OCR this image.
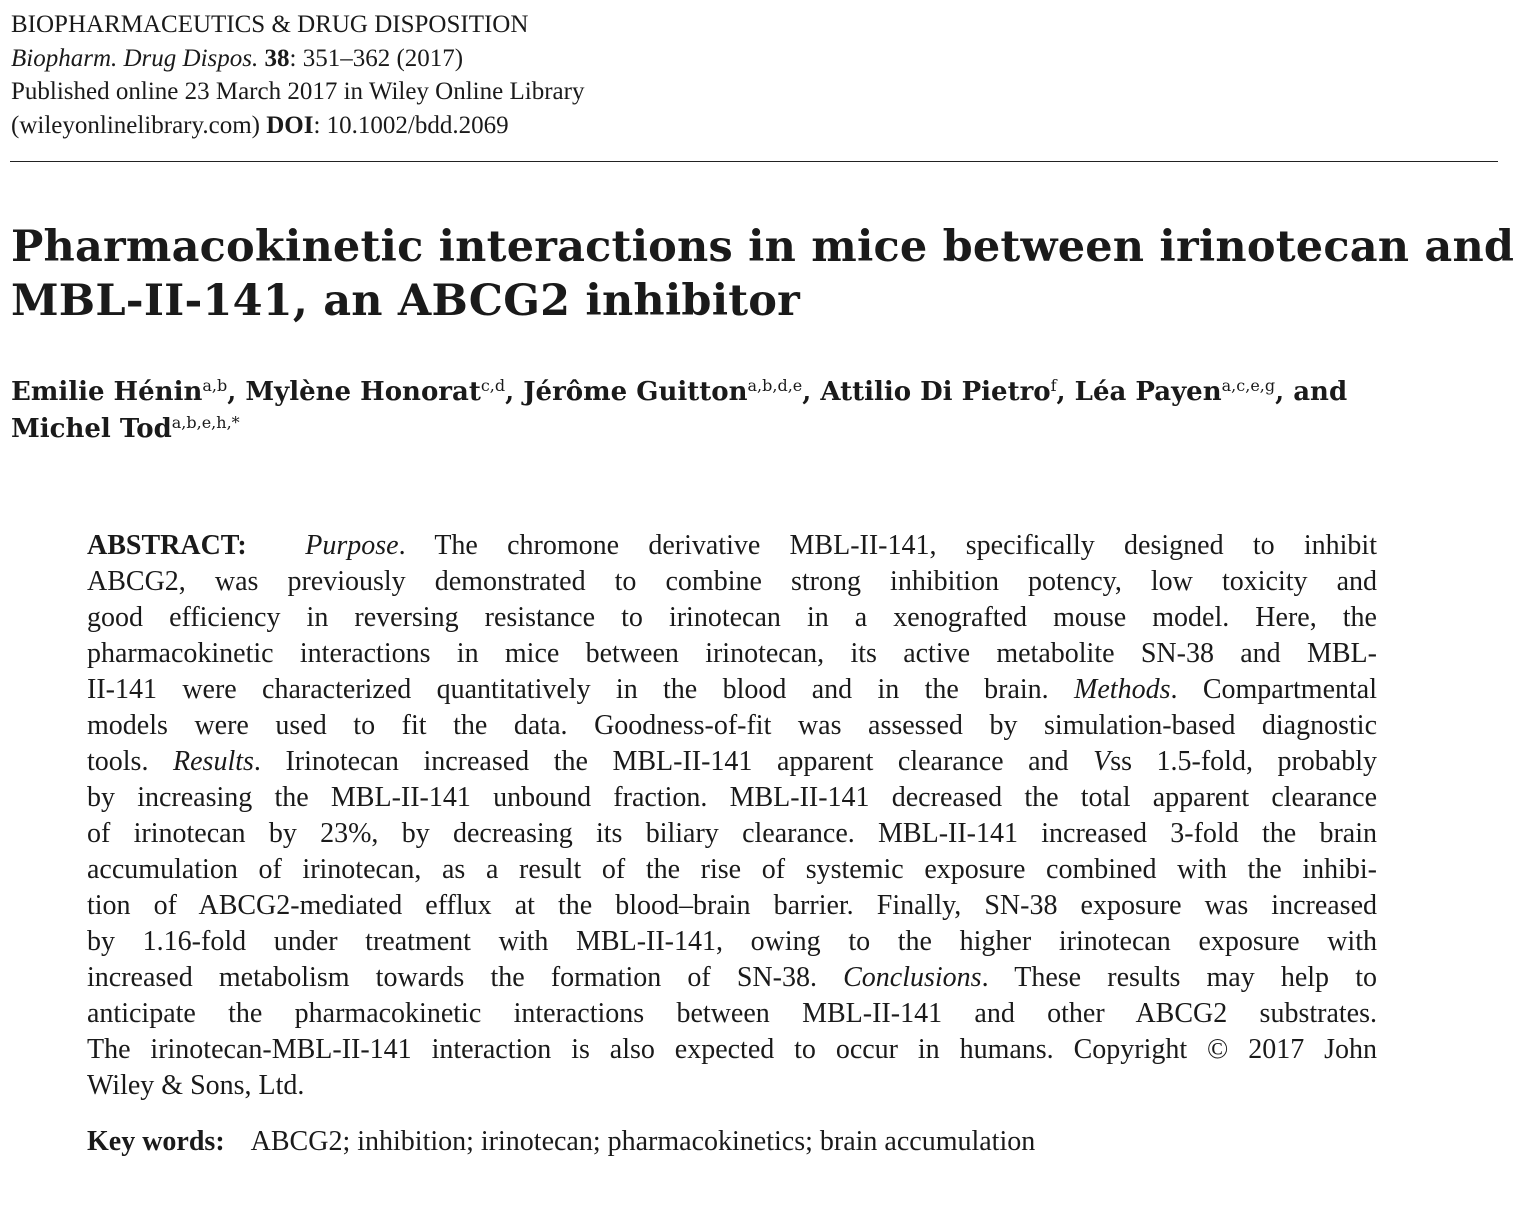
BIOPHARMACEUTICS & DRUG DISPOSITION
Biopharm. Drug Dispos. 38: 351–362 (2017)
Published online 23 March 2017 in Wiley Online Library
(wileyonlinelibrary.com) DOI: 10.1002/bdd.2069
Pharmacokinetic interactions in mice between irinotecan and
MBL-II-141, an ABCG2 inhibitor
Emilie Hénin$^{a,b}$, Mylène Honorat$^{c,d}$, Jérôme Guitton$^{a,b,d,e}$, Attilio Di Pietro$^f$, Léa Payen$^{a,c,e,g}$, and
Michel Tod$^{a,b,e,h,*}$
ABSTRACT: Purpose. The chromone derivative MBL-II-141, specifically designed to inhibit
ABCG2, was previously demonstrated to combine strong inhibition potency, low toxicity and
good efficiency in reversing resistance to irinotecan in a xenografted mouse model. Here, the
pharmacokinetic interactions in mice between irinotecan, its active metabolite SN-38 and MBL-
II-141 were characterized quantitatively in the blood and in the brain. Methods. Compartmental
models were used to fit the data. Goodness-of-fit was assessed by simulation-based diagnostic
tools. Results. Irinotecan increased the MBL-II-141 apparent clearance and Vss 1.5-fold, probably
by increasing the MBL-II-141 unbound fraction. MBL-II-141 decreased the total apparent clearance
of irinotecan by 23%, by decreasing its biliary clearance. MBL-II-141 increased 3-fold the brain
accumulation of irinotecan, as a result of the rise of systemic exposure combined with the inhibi-
tion of ABCG2-mediated efflux at the blood–brain barrier. Finally, SN-38 exposure was increased
by 1.16-fold under treatment with MBL-II-141, owing to the higher irinotecan exposure with
increased metabolism towards the formation of SN-38. Conclusions. These results may help to
anticipate the pharmacokinetic interactions between MBL-II-141 and other ABCG2 substrates.
The irinotecan-MBL-II-141 interaction is also expected to occur in humans. Copyright © 2017 John
Wiley & Sons, Ltd.
Key words: ABCG2; inhibition; irinotecan; pharmacokinetics; brain accumulation
